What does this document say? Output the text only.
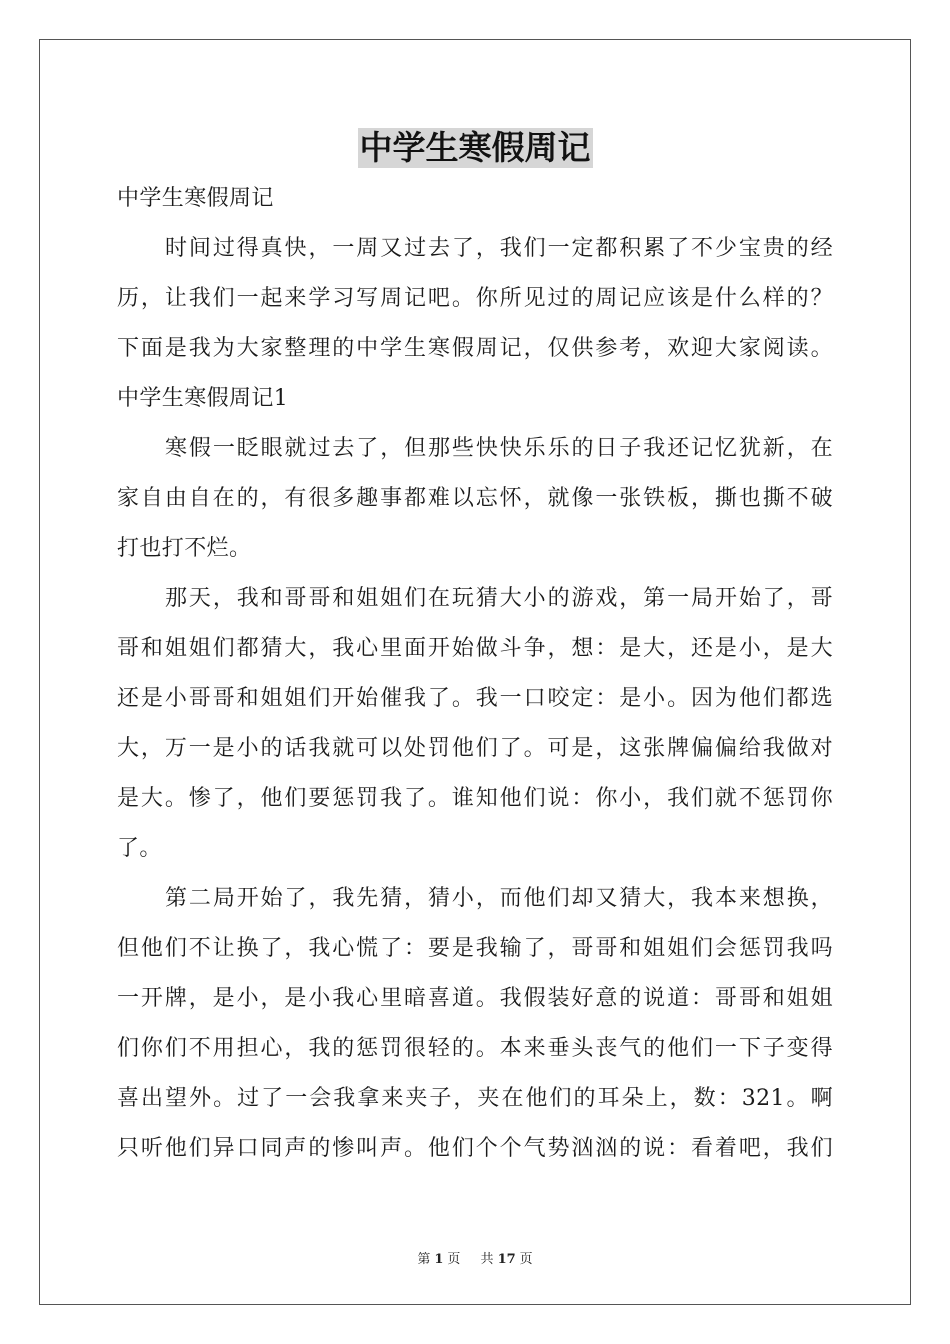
中学生寒假周记
中学生寒假周记
时间过得真快，一周又过去了，我们一定都积累了不少宝贵的经
历，让我们一起来学习写周记吧。你所见过的周记应该是什么样的？
下面是我为大家整理的中学生寒假周记，仅供参考，欢迎大家阅读。
中学生寒假周记1
寒假一眨眼就过去了，但那些快快乐乐的日子我还记忆犹新，在
家自由自在的，有很多趣事都难以忘怀，就像一张铁板，撕也撕不破
打也打不烂。
那天，我和哥哥和姐姐们在玩猜大小的游戏，第一局开始了，哥
哥和姐姐们都猜大，我心里面开始做斗争，想：是大，还是小，是大
还是小哥哥和姐姐们开始催我了。我一口咬定：是小。因为他们都选
大，万一是小的话我就可以处罚他们了。可是，这张牌偏偏给我做对
是大。惨了，他们要惩罚我了。谁知他们说：你小，我们就不惩罚你
了。
第二局开始了，我先猜，猜小，而他们却又猜大，我本来想换，
但他们不让换了，我心慌了：要是我输了，哥哥和姐姐们会惩罚我吗
一开牌，是小，是小我心里暗喜道。我假装好意的说道：哥哥和姐姐
们你们不用担心，我的惩罚很轻的。本来垂头丧气的他们一下子变得
喜出望外。过了一会我拿来夹子，夹在他们的耳朵上，数：321。啊
只听他们异口同声的惨叫声。他们个个气势汹汹的说：看着吧，我们
第 1 页 共 17 页
